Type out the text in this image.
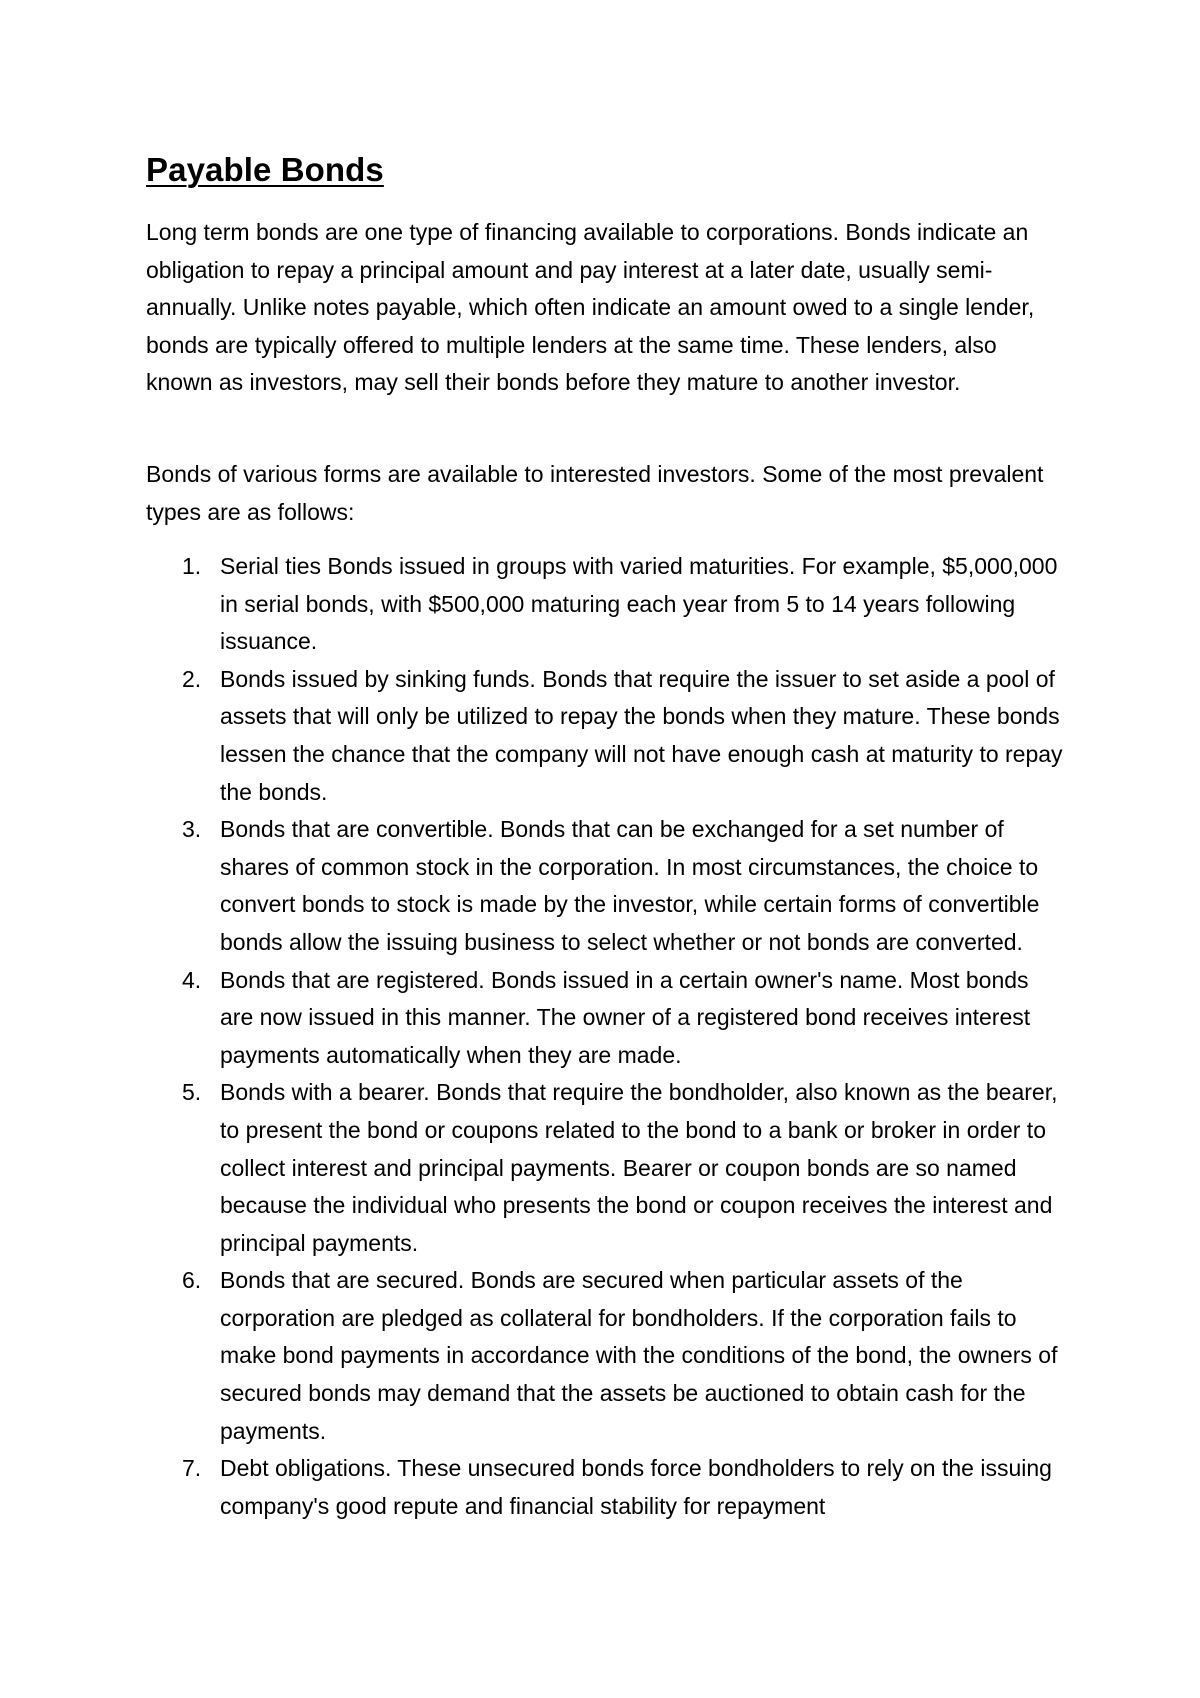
Payable Bonds

Long term bonds are one type of financing available to corporations. Bonds indicate an obligation to repay a principal amount and pay interest at a later date, usually semi-annually. Unlike notes payable, which often indicate an amount owed to a single lender, bonds are typically offered to multiple lenders at the same time. These lenders, also known as investors, may sell their bonds before they mature to another investor.

Bonds of various forms are available to interested investors. Some of the most prevalent types are as follows:

1. Serial ties Bonds issued in groups with varied maturities. For example, $5,000,000 in serial bonds, with $500,000 maturing each year from 5 to 14 years following issuance.
2. Bonds issued by sinking funds. Bonds that require the issuer to set aside a pool of assets that will only be utilized to repay the bonds when they mature. These bonds lessen the chance that the company will not have enough cash at maturity to repay the bonds.
3. Bonds that are convertible. Bonds that can be exchanged for a set number of shares of common stock in the corporation. In most circumstances, the choice to convert bonds to stock is made by the investor, while certain forms of convertible bonds allow the issuing business to select whether or not bonds are converted.
4. Bonds that are registered. Bonds issued in a certain owner's name. Most bonds are now issued in this manner. The owner of a registered bond receives interest payments automatically when they are made.
5. Bonds with a bearer. Bonds that require the bondholder, also known as the bearer, to present the bond or coupons related to the bond to a bank or broker in order to collect interest and principal payments. Bearer or coupon bonds are so named because the individual who presents the bond or coupon receives the interest and principal payments.
6. Bonds that are secured. Bonds are secured when particular assets of the corporation are pledged as collateral for bondholders. If the corporation fails to make bond payments in accordance with the conditions of the bond, the owners of secured bonds may demand that the assets be auctioned to obtain cash for the payments.
7. Debt obligations. These unsecured bonds force bondholders to rely on the issuing company's good repute and financial stability for repayment
